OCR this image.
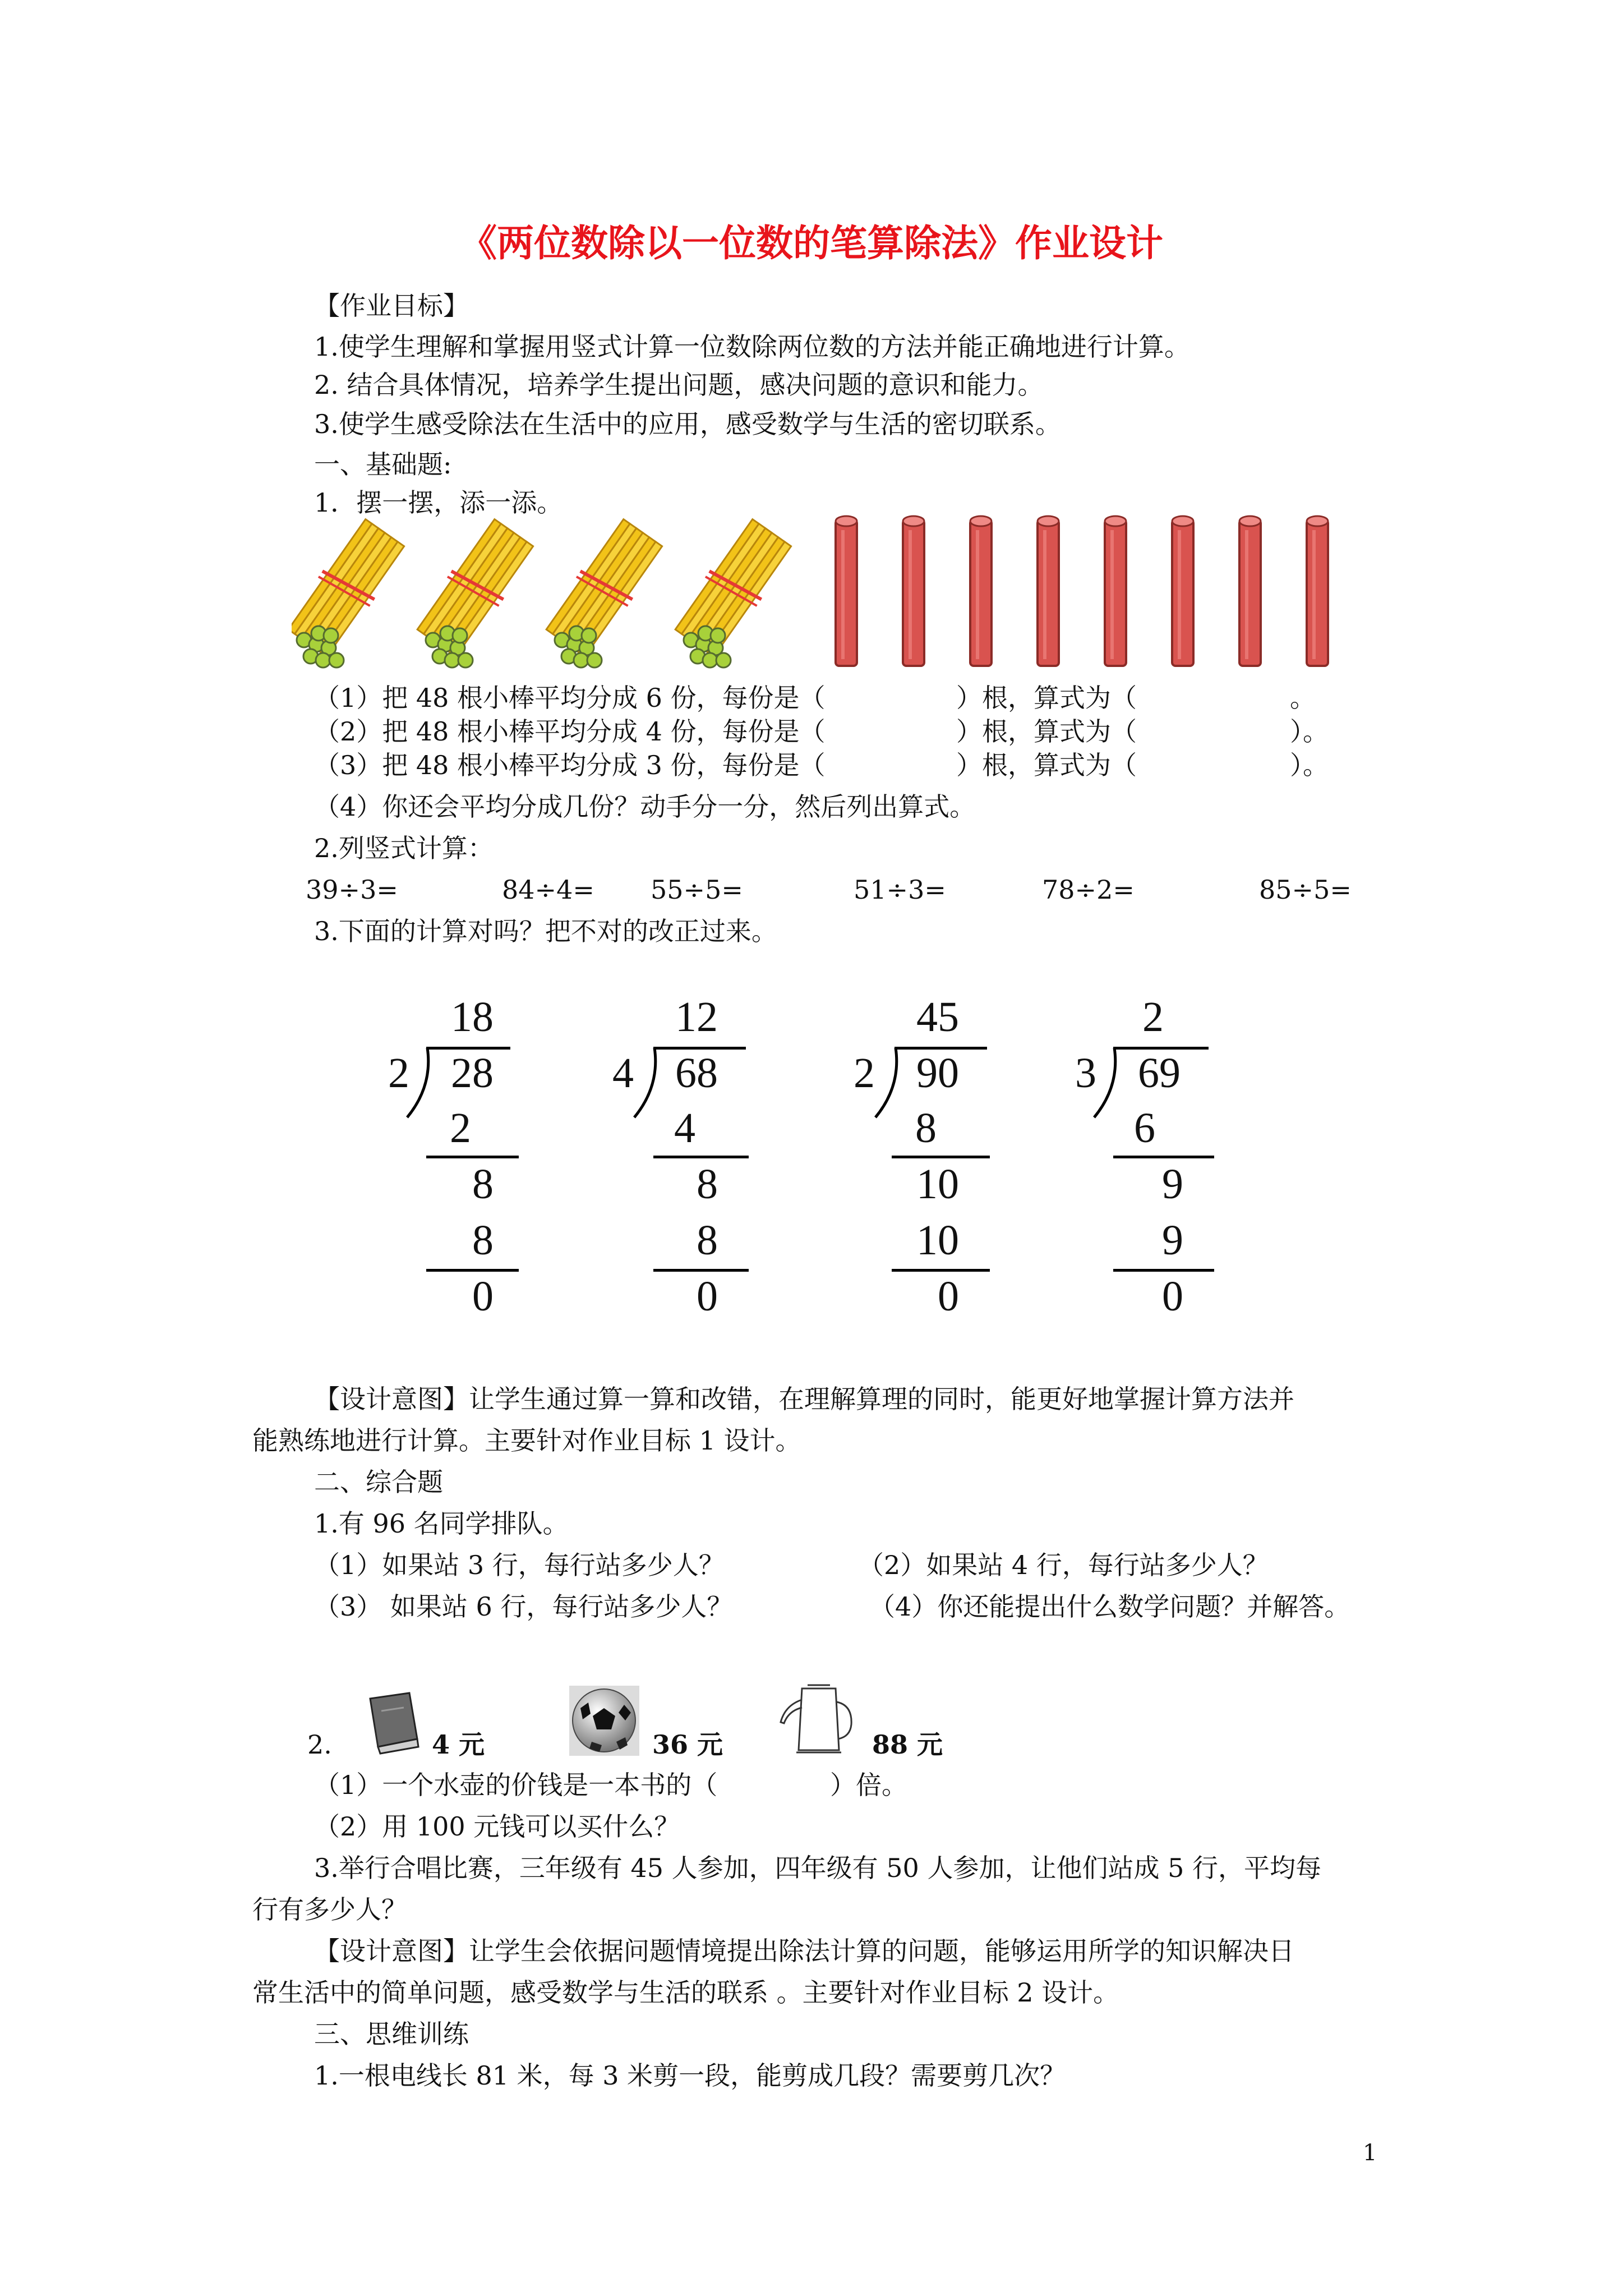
《两位数除以一位数的笔算除法》作业设计
【作业目标】
1.使学生理解和掌握用竖式计算一位数除两位数的方法并能正确地进行计算。
2. 结合具体情况，培养学生提出问题，感决问题的意识和能力。
3.使学生感受除法在生活中的应用，感受数学与生活的密切联系。
一、基础题:
1．摆一摆，添一添。
（1）把 48 根小棒平均分成 6 份，每份是（	）根，算式为（	。
（2）把 48 根小棒平均分成 4 份，每份是（	）根，算式为（	）。
（3）把 48 根小棒平均分成 3 份，每份是（	）根，算式为（	）。
（4）你还会平均分成几份？动手分一分，然后列出算式。
2.列竖式计算：
39÷3=	84÷4= 55÷5=	51÷3=	78÷2=	85÷5=
3.下面的计算对吗？把不对的改正过来。
18
2 28
2
8
8
0
12
4 68
4
8
8
0
45
2 90
8
10
10
0
2
3 69
6
9
9
0
【设计意图】让学生通过算一算和改错，在理解算理的同时，能更好地掌握计算方法并
能熟练地进行计算。主要针对作业目标 1 设计。
二、综合题
1.有 96 名同学排队。
（1）如果站 3 行，每行站多少人？	（2）如果站 4 行，每行站多少人？
（3） 如果站 6 行，每行站多少人？	（4）你还能提出什么数学问题？并解答。
2.	4 元	36 元	88 元
（1）一个水壶的价钱是一本书的（	）倍。
（2）用 100 元钱可以买什么？
3.举行合唱比赛，三年级有 45 人参加，四年级有 50 人参加，让他们站成 5 行，平均每
行有多少人？
【设计意图】让学生会依据问题情境提出除法计算的问题，能够运用所学的知识解决日
常生活中的简单问题，感受数学与生活的联系 。主要针对作业目标 2 设计。
三、思维训练
1.一根电线长 81 米，每 3 米剪一段，能剪成几段？需要剪几次？
1
